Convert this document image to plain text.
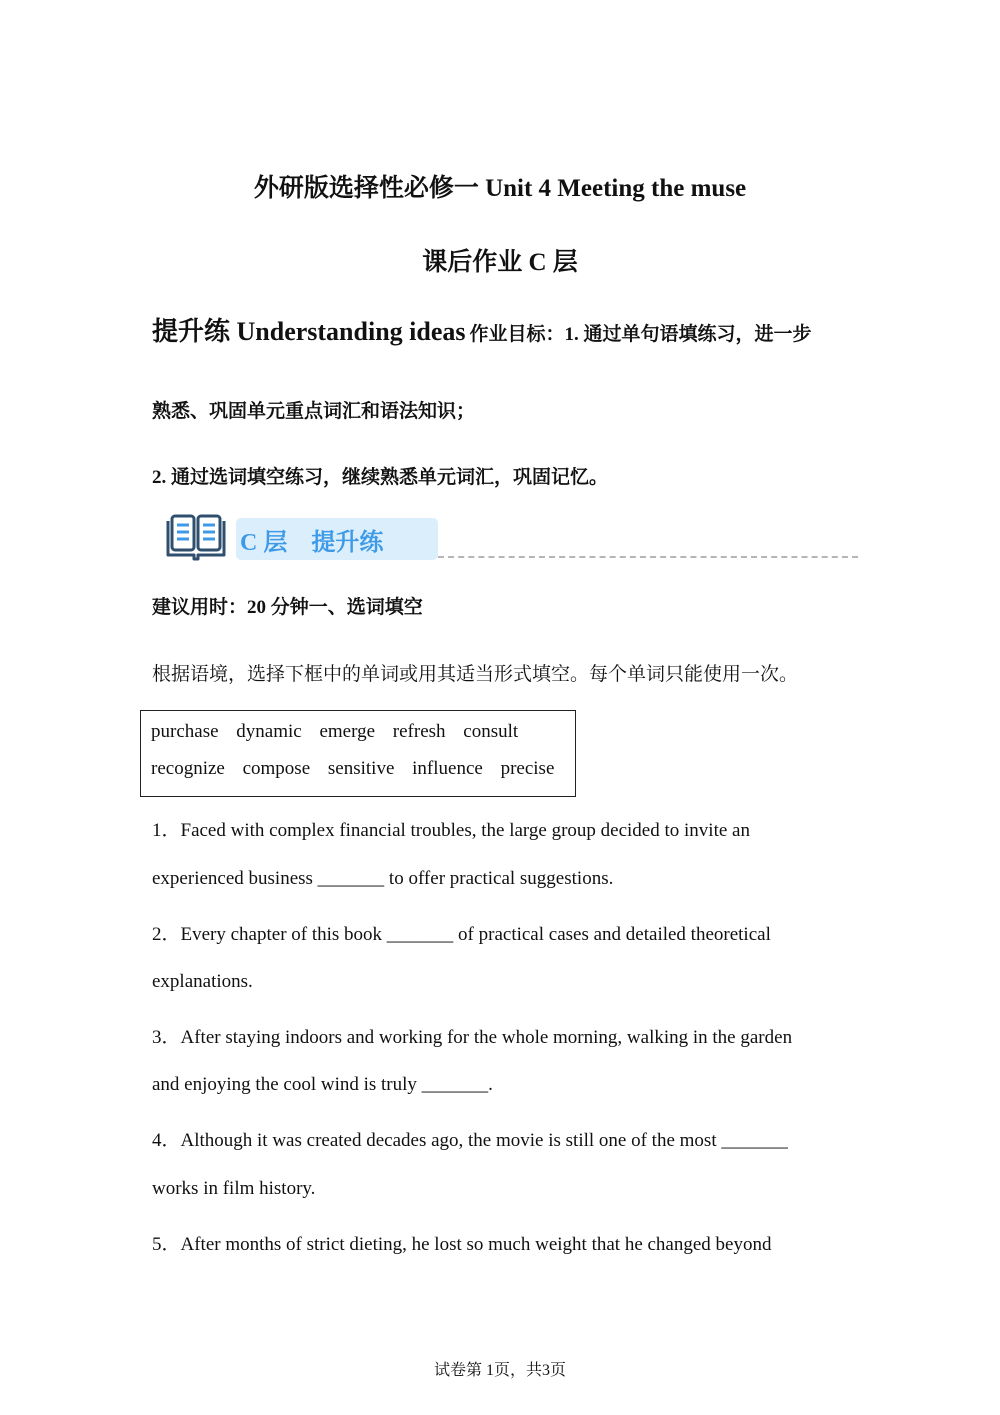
外研版选择性必修一 Unit 4 Meeting the muse
课后作业 C 层
提升练 Understanding ideas 作业目标：1. 通过单句语填练习，进一步
熟悉、巩固单元重点词汇和语法知识；
2. 通过选词填空练习，继续熟悉单元词汇，巩固记忆。
C 层　提升练
建议用时：20 分钟一、选词填空
根据语境，选择下框中的单词或用其适当形式填空。每个单词只能使用一次。
purchase dynamic emerge refresh consult
recognize compose sensitive influence precise
1．Faced with complex financial troubles, the large group decided to invite an
experienced business _______ to offer practical suggestions.
2．Every chapter of this book _______ of practical cases and detailed theoretical
explanations.
3．After staying indoors and working for the whole morning, walking in the garden
and enjoying the cool wind is truly _______.
4．Although it was created decades ago, the movie is still one of the most _______
works in film history.
5．After months of strict dieting, he lost so much weight that he changed beyond
试卷第 1页，共3页
